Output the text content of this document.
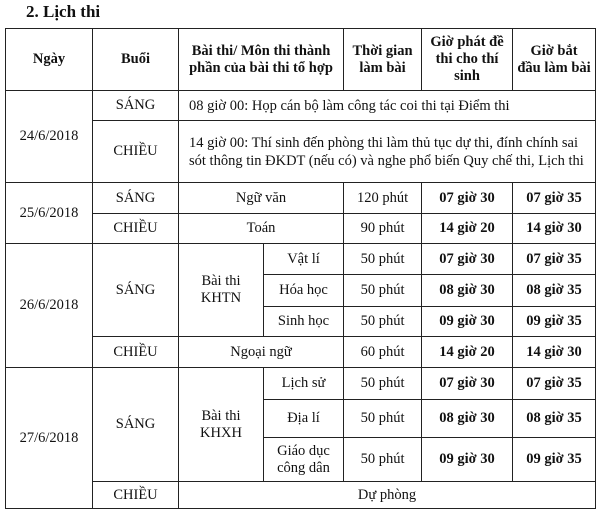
2. Lịch thi
Ngày	Buổi	Bài thi/ Môn thi thành phần của bài thi tổ hợp		Thời gian làm bài	Giờ phát đề thi cho thí sinh	Giờ bắt đầu làm bài
24/6/2018	SÁNG	08 giờ 00: Họp cán bộ làm công tác coi thi tại Điểm thi				
	CHIỀU	14 giờ 00: Thí sinh đến phòng thi làm thủ tục dự thi, đính chính sai sót thông tin ĐKDT (nếu có) và nghe phổ biến Quy chế thi, Lịch thi				
25/6/2018	SÁNG	Ngữ văn		120 phút	07 giờ 30	07 giờ 35
	CHIỀU	Toán		90 phút	14 giờ 20	14 giờ 30
26/6/2018	SÁNG	Bài thi KHTN	Vật lí	50 phút	07 giờ 30	07 giờ 35
			Hóa học	50 phút	08 giờ 30	08 giờ 35
			Sinh học	50 phút	09 giờ 30	09 giờ 35
	CHIỀU	Ngoại ngữ		60 phút	14 giờ 20	14 giờ 30
27/6/2018	SÁNG	Bài thi KHXH	Lịch sử	50 phút	07 giờ 30	07 giờ 35
			Địa lí	50 phút	08 giờ 30	08 giờ 35
			Giáo dục công dân	50 phút	09 giờ 30	09 giờ 35
	CHIỀU	Dự phòng				
